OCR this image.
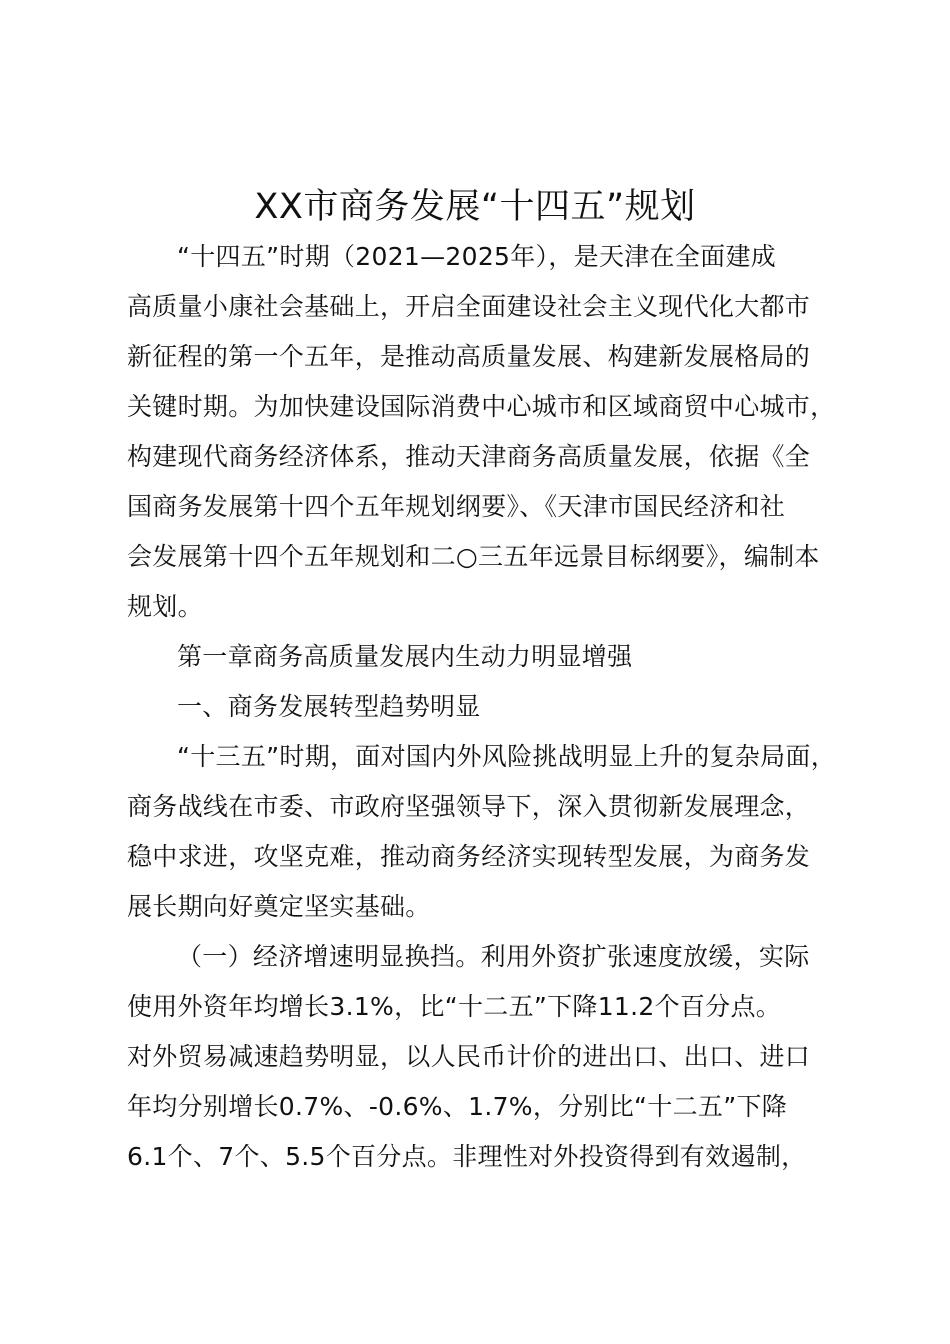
XX市商务发展“十四五”规划
“十四五”时期（2021—2025年），是天津在全面建成
高质量小康社会基础上，开启全面建设社会主义现代化大都市
新征程的第一个五年，是推动高质量发展、构建新发展格局的
关键时期。为加快建设国际消费中心城市和区域商贸中心城市，
构建现代商务经济体系，推动天津商务高质量发展，依据《全
国商务发展第十四个五年规划纲要》、《天津市国民经济和社
会发展第十四个五年规划和二○三五年远景目标纲要》，编制本
规划。
第一章商务高质量发展内生动力明显增强
一、商务发展转型趋势明显
“十三五”时期，面对国内外风险挑战明显上升的复杂局面，
商务战线在市委、市政府坚强领导下，深入贯彻新发展理念，
稳中求进，攻坚克难，推动商务经济实现转型发展，为商务发
展长期向好奠定坚实基础。
（一）经济增速明显换挡。利用外资扩张速度放缓，实际
使用外资年均增长3.1%，比“十二五”下降11.2个百分点。
对外贸易减速趋势明显，以人民币计价的进出口、出口、进口
年均分别增长0.7%、-0.6%、1.7%，分别比“十二五”下降
6.1个、7个、5.5个百分点。非理性对外投资得到有效遏制，
